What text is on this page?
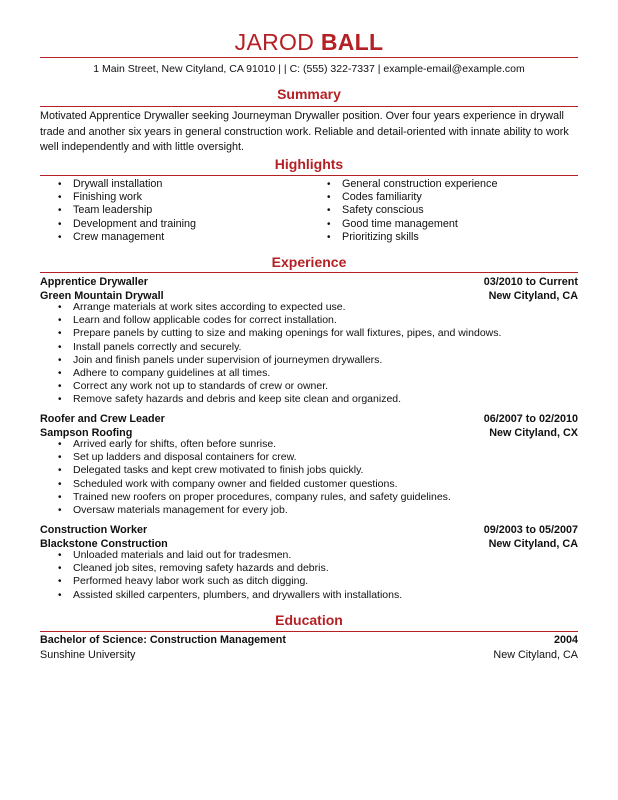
JAROD BALL
1 Main Street, New Cityland, CA 91010 | | C: (555) 322-7337 | example-email@example.com
Summary
Motivated Apprentice Drywaller seeking Journeyman Drywaller position. Over four years experience in drywall trade and another six years in general construction work. Reliable and detail-oriented with innate ability to work well independently and with little oversight.
Highlights
• Drywall installation
• Finishing work
• Team leadership
• Development and training
• Crew management
• General construction experience
• Codes familiarity
• Safety conscious
• Good time management
• Prioritizing skills
Experience
Apprentice Drywaller	03/2010 to Current
Green Mountain Drywall	New Cityland, CA
• Arrange materials at work sites according to expected use.
• Learn and follow applicable codes for correct installation.
• Prepare panels by cutting to size and making openings for wall fixtures, pipes, and windows.
• Install panels correctly and securely.
• Join and finish panels under supervision of journeymen drywallers.
• Adhere to company guidelines at all times.
• Correct any work not up to standards of crew or owner.
• Remove safety hazards and debris and keep site clean and organized.
Roofer and Crew Leader	06/2007 to 02/2010
Sampson Roofing	New Cityland, CX
• Arrived early for shifts, often before sunrise.
• Set up ladders and disposal containers for crew.
• Delegated tasks and kept crew motivated to finish jobs quickly.
• Scheduled work with company owner and fielded customer questions.
• Trained new roofers on proper procedures, company rules, and safety guidelines.
• Oversaw materials management for every job.
Construction Worker	09/2003 to 05/2007
Blackstone Construction	New Cityland, CA
• Unloaded materials and laid out for tradesmen.
• Cleaned job sites, removing safety hazards and debris.
• Performed heavy labor work such as ditch digging.
• Assisted skilled carpenters, plumbers, and drywallers with installations.
Education
Bachelor of Science: Construction Management	2004
Sunshine University	New Cityland, CA
